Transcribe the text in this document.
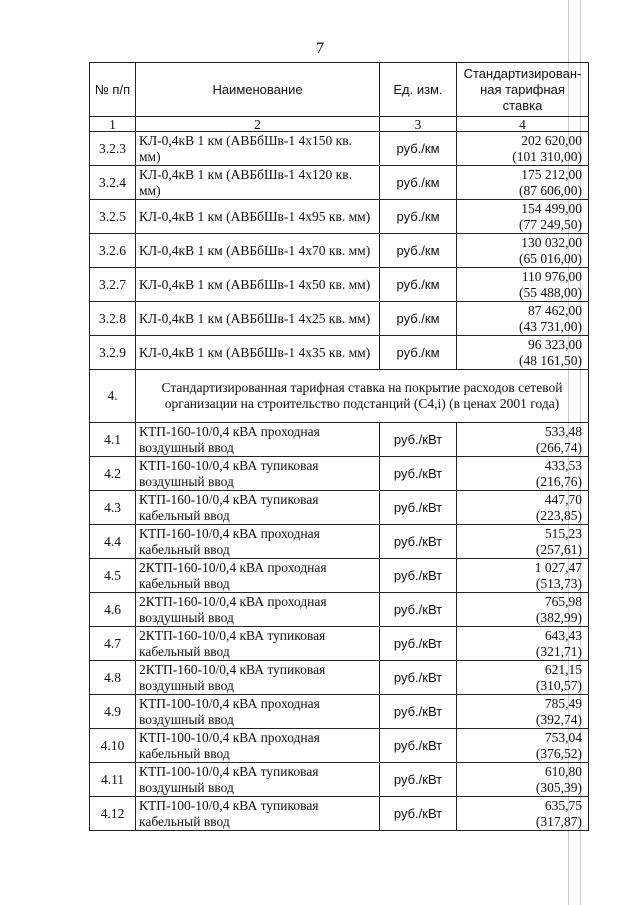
7
№ п/п	Наименование	Ед. изм.	Стандартизирован-ная тарифная ставка
1	2	3	4
3.2.3	КЛ-0,4кВ 1 км (АВБбШв-1 4х150 кв. мм)	руб./км	202 620,00
(101 310,00)

3.2.4	КЛ-0,4кВ 1 км (АВБбШв-1 4х120 кв. мм)	руб./км	175 212,00
(87 606,00)

3.2.5	КЛ-0,4кВ 1 км (АВБбШв-1 4х95 кв. мм)	руб./км	154 499,00
(77 249,50)

3.2.6	КЛ-0,4кВ 1 км (АВБбШв-1 4х70 кв. мм)	руб./км	130 032,00
(65 016,00)

3.2.7	КЛ-0,4кВ 1 км (АВБбШв-1 4х50 кв. мм)	руб./км	110 976,00
(55 488,00)

3.2.8	КЛ-0,4кВ 1 км (АВБбШв-1 4х25 кв. мм)	руб./км	87 462,00
(43 731,00)

3.2.9	КЛ-0,4кВ 1 км (АВБбШв-1 4х35 кв. мм)	руб./км	96 323,00
(48 161,50)

4.	Стандартизированная тарифная ставка на покрытие расходов сетевой организации на строительство подстанций (С4,i) (в ценах 2001 года)		
4.1	КТП-160-10/0,4 кВА проходная воздушный ввод	руб./кВт	533,48
(266,74)

4.2	КТП-160-10/0,4 кВА тупиковая воздушный ввод	руб./кВт	433,53
(216,76)

4.3	КТП-160-10/0,4 кВА тупиковая кабельный ввод	руб./кВт	447,70
(223,85)

4.4	КТП-160-10/0,4 кВА проходная кабельный ввод	руб./кВт	515,23
(257,61)

4.5	2КТП-160-10/0,4 кВА проходная кабельный ввод	руб./кВт	1 027,47
(513,73)

4.6	2КТП-160-10/0,4 кВА проходная воздушный ввод	руб./кВт	765,98
(382,99)

4.7	2КТП-160-10/0,4 кВА тупиковая кабельный ввод	руб./кВт	643,43
(321,71)

4.8	2КТП-160-10/0,4 кВА тупиковая воздушный ввод	руб./кВт	621,15
(310,57)

4.9	КТП-100-10/0,4 кВА проходная воздушный ввод	руб./кВт	785,49
(392,74)

4.10	КТП-100-10/0,4 кВА проходная кабельный ввод	руб./кВт	753,04
(376,52)

4.11	КТП-100-10/0,4 кВА тупиковая воздушный ввод	руб./кВт	610,80
(305,39)

4.12	КТП-100-10/0,4 кВА тупиковая кабельный ввод	руб./кВт	635,75
(317,87)
